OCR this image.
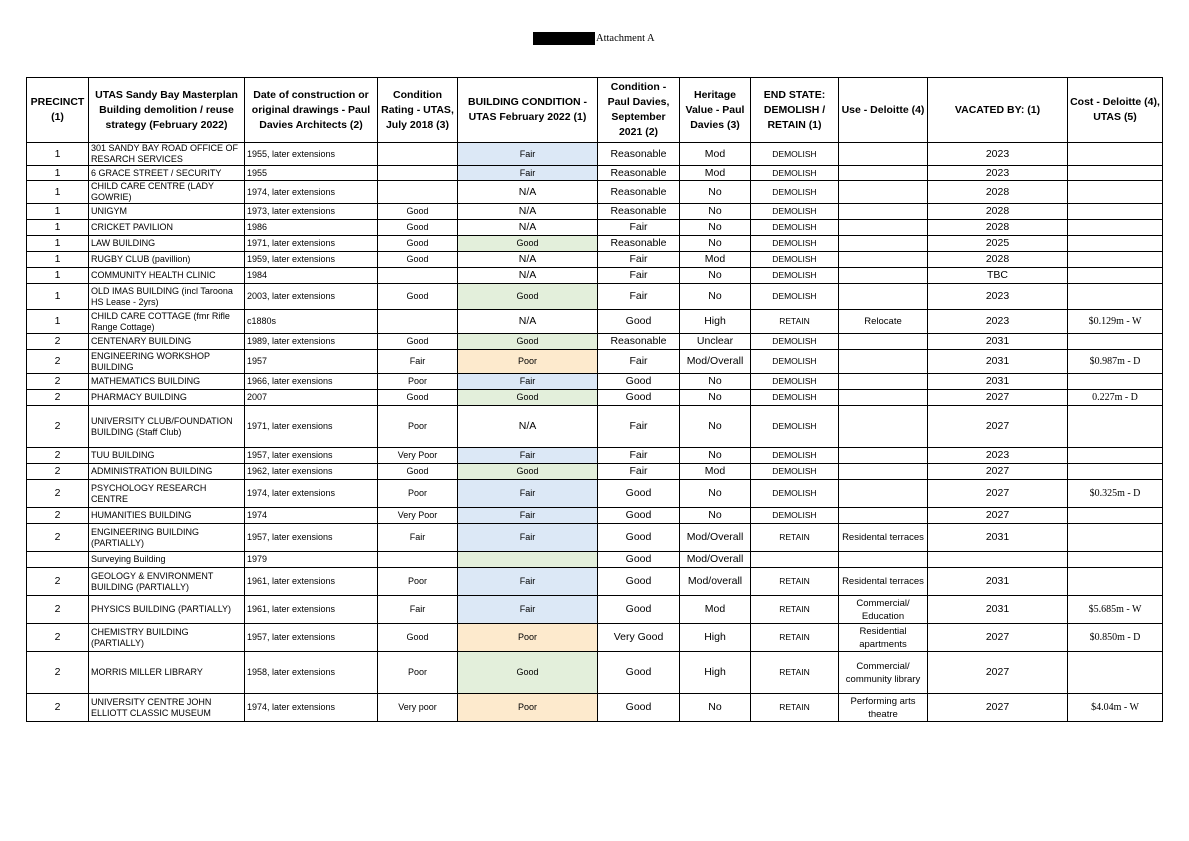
Attachment A
PRECINCT (1)	UTAS Sandy Bay Masterplan Building demolition / reuse strategy (February 2022)	Date of construction or original drawings - Paul Davies Architects (2)	Condition Rating - UTAS, July 2018 (3)	BUILDING CONDITION - UTAS February 2022 (1)	Condition - Paul Davies, September 2021 (2)	Heritage Value - Paul Davies (3)	END STATE: DEMOLISH / RETAIN (1)	Use - Deloitte (4)	VACATED BY: (1)	Cost - Deloitte (4), UTAS (5)
1	301 SANDY BAY ROAD OFFICE OF RESARCH SERVICES	1955, later extensions		Fair	Reasonable	Mod	DEMOLISH		2023	
1	6 GRACE STREET / SECURITY	1955		Fair	Reasonable	Mod	DEMOLISH		2023	
1	CHILD CARE CENTRE (LADY GOWRIE)	1974, later extensions		N/A	Reasonable	No	DEMOLISH		2028	
1	UNIGYM	1973, later extensions	Good	N/A	Reasonable	No	DEMOLISH		2028	
1	CRICKET PAVILION	1986	Good	N/A	Fair	No	DEMOLISH		2028	
1	LAW BUILDING	1971, later extensions	Good	Good	Reasonable	No	DEMOLISH		2025	
1	RUGBY CLUB (pavillion)	1959, later extensions	Good	N/A	Fair	Mod	DEMOLISH		2028	
1	COMMUNITY HEALTH CLINIC	1984		N/A	Fair	No	DEMOLISH		TBC	
1	OLD IMAS BUILDING (incl Taroona HS Lease - 2yrs)	2003, later extensions	Good	Good	Fair	No	DEMOLISH		2023	
1	CHILD CARE COTTAGE (fmr Rifle Range Cottage)	c1880s		N/A	Good	High	RETAIN	Relocate	2023	$0.129m - W
2	CENTENARY BUILDING	1989, later extensions	Good	Good	Reasonable	Unclear	DEMOLISH		2031	
2	ENGINEERING WORKSHOP BUILDING	1957	Fair	Poor	Fair	Mod/Overall	DEMOLISH		2031	$0.987m - D
2	MATHEMATICS BUILDING	1966, later exensions	Poor	Fair	Good	No	DEMOLISH		2031	
2	PHARMACY BUILDING	2007	Good	Good	Good	No	DEMOLISH		2027	0.227m - D
2	UNIVERSITY CLUB/FOUNDATION BUILDING (Staff Club)	1971, later exensions	Poor	N/A	Fair	No	DEMOLISH		2027	
2	TUU BUILDING	1957, later exensions	Very Poor	Fair	Fair	No	DEMOLISH		2023	
2	ADMINISTRATION BUILDING	1962, later exensions	Good	Good	Fair	Mod	DEMOLISH		2027	
2	PSYCHOLOGY RESEARCH CENTRE	1974, later extensions	Poor	Fair	Good	No	DEMOLISH		2027	$0.325m - D
2	HUMANITIES BUILDING	1974	Very Poor	Fair	Good	No	DEMOLISH		2027	
2	ENGINEERING BUILDING (PARTIALLY)	1957, later exensions	Fair	Fair	Good	Mod/Overall	RETAIN	Residental terraces	2031	
	Surveying Building	1979			Good	Mod/Overall				
2	GEOLOGY & ENVIRONMENT BUILDING (PARTIALLY)	1961, later extensions	Poor	Fair	Good	Mod/overall	RETAIN	Residental terraces	2031	
2	PHYSICS BUILDING (PARTIALLY)	1961, later extensions	Fair	Fair	Good	Mod	RETAIN	Commercial/ Education	2031	$5.685m - W
2	CHEMISTRY BUILDING (PARTIALLY)	1957, later extensions	Good	Poor	Very Good	High	RETAIN	Residential apartments	2027	$0.850m - D
2	MORRIS MILLER LIBRARY	1958, later extensions	Poor	Good	Good	High	RETAIN	Commercial/ community library	2027	
2	UNIVERSITY CENTRE JOHN ELLIOTT CLASSIC MUSEUM	1974, later extensions	Very poor	Poor	Good	No	RETAIN	Performing arts theatre	2027	$4.04m - W
